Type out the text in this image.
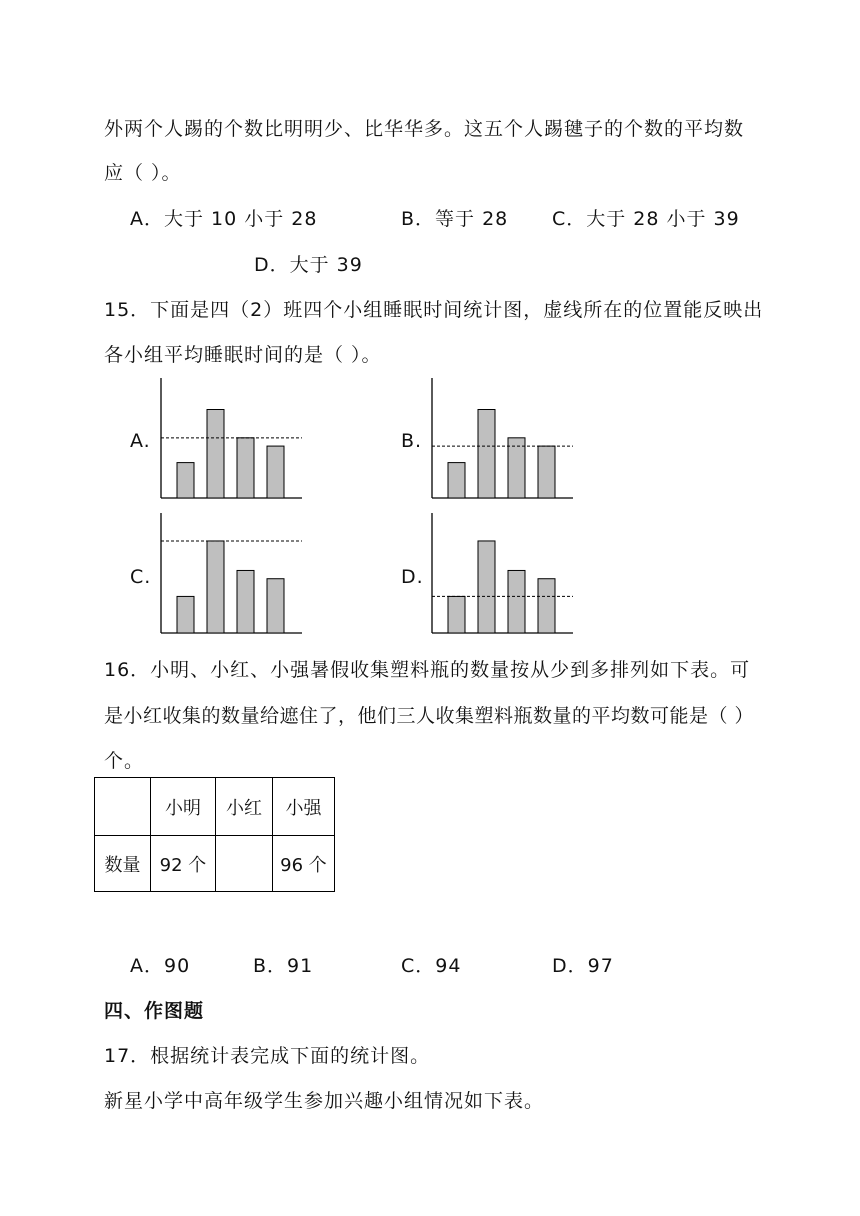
外两个人踢的个数比明明少、比华华多。这五个人踢毽子的个数的平均数
应（ ）。
A．大于 10 小于 28	B．等于 28 C．大于 28 小于 39
D．大于 39
15．下面是四（2）班四个小组睡眠时间统计图，虚线所在的位置能反映出
各小组平均睡眠时间的是（ ）。
A.	B.
C.	D.
16．小明、小红、小强暑假收集塑料瓶的数量按从少到多排列如下表。可
是小红收集的数量给遮住了，他们三人收集塑料瓶数量的平均数可能是（ ）
个。
	小明	小红	小强
数量	92 个		96 个
A．90	B．91	C．94	D．97
四、作图题
17．根据统计表完成下面的统计图。
新星小学中高年级学生参加兴趣小组情况如下表。
